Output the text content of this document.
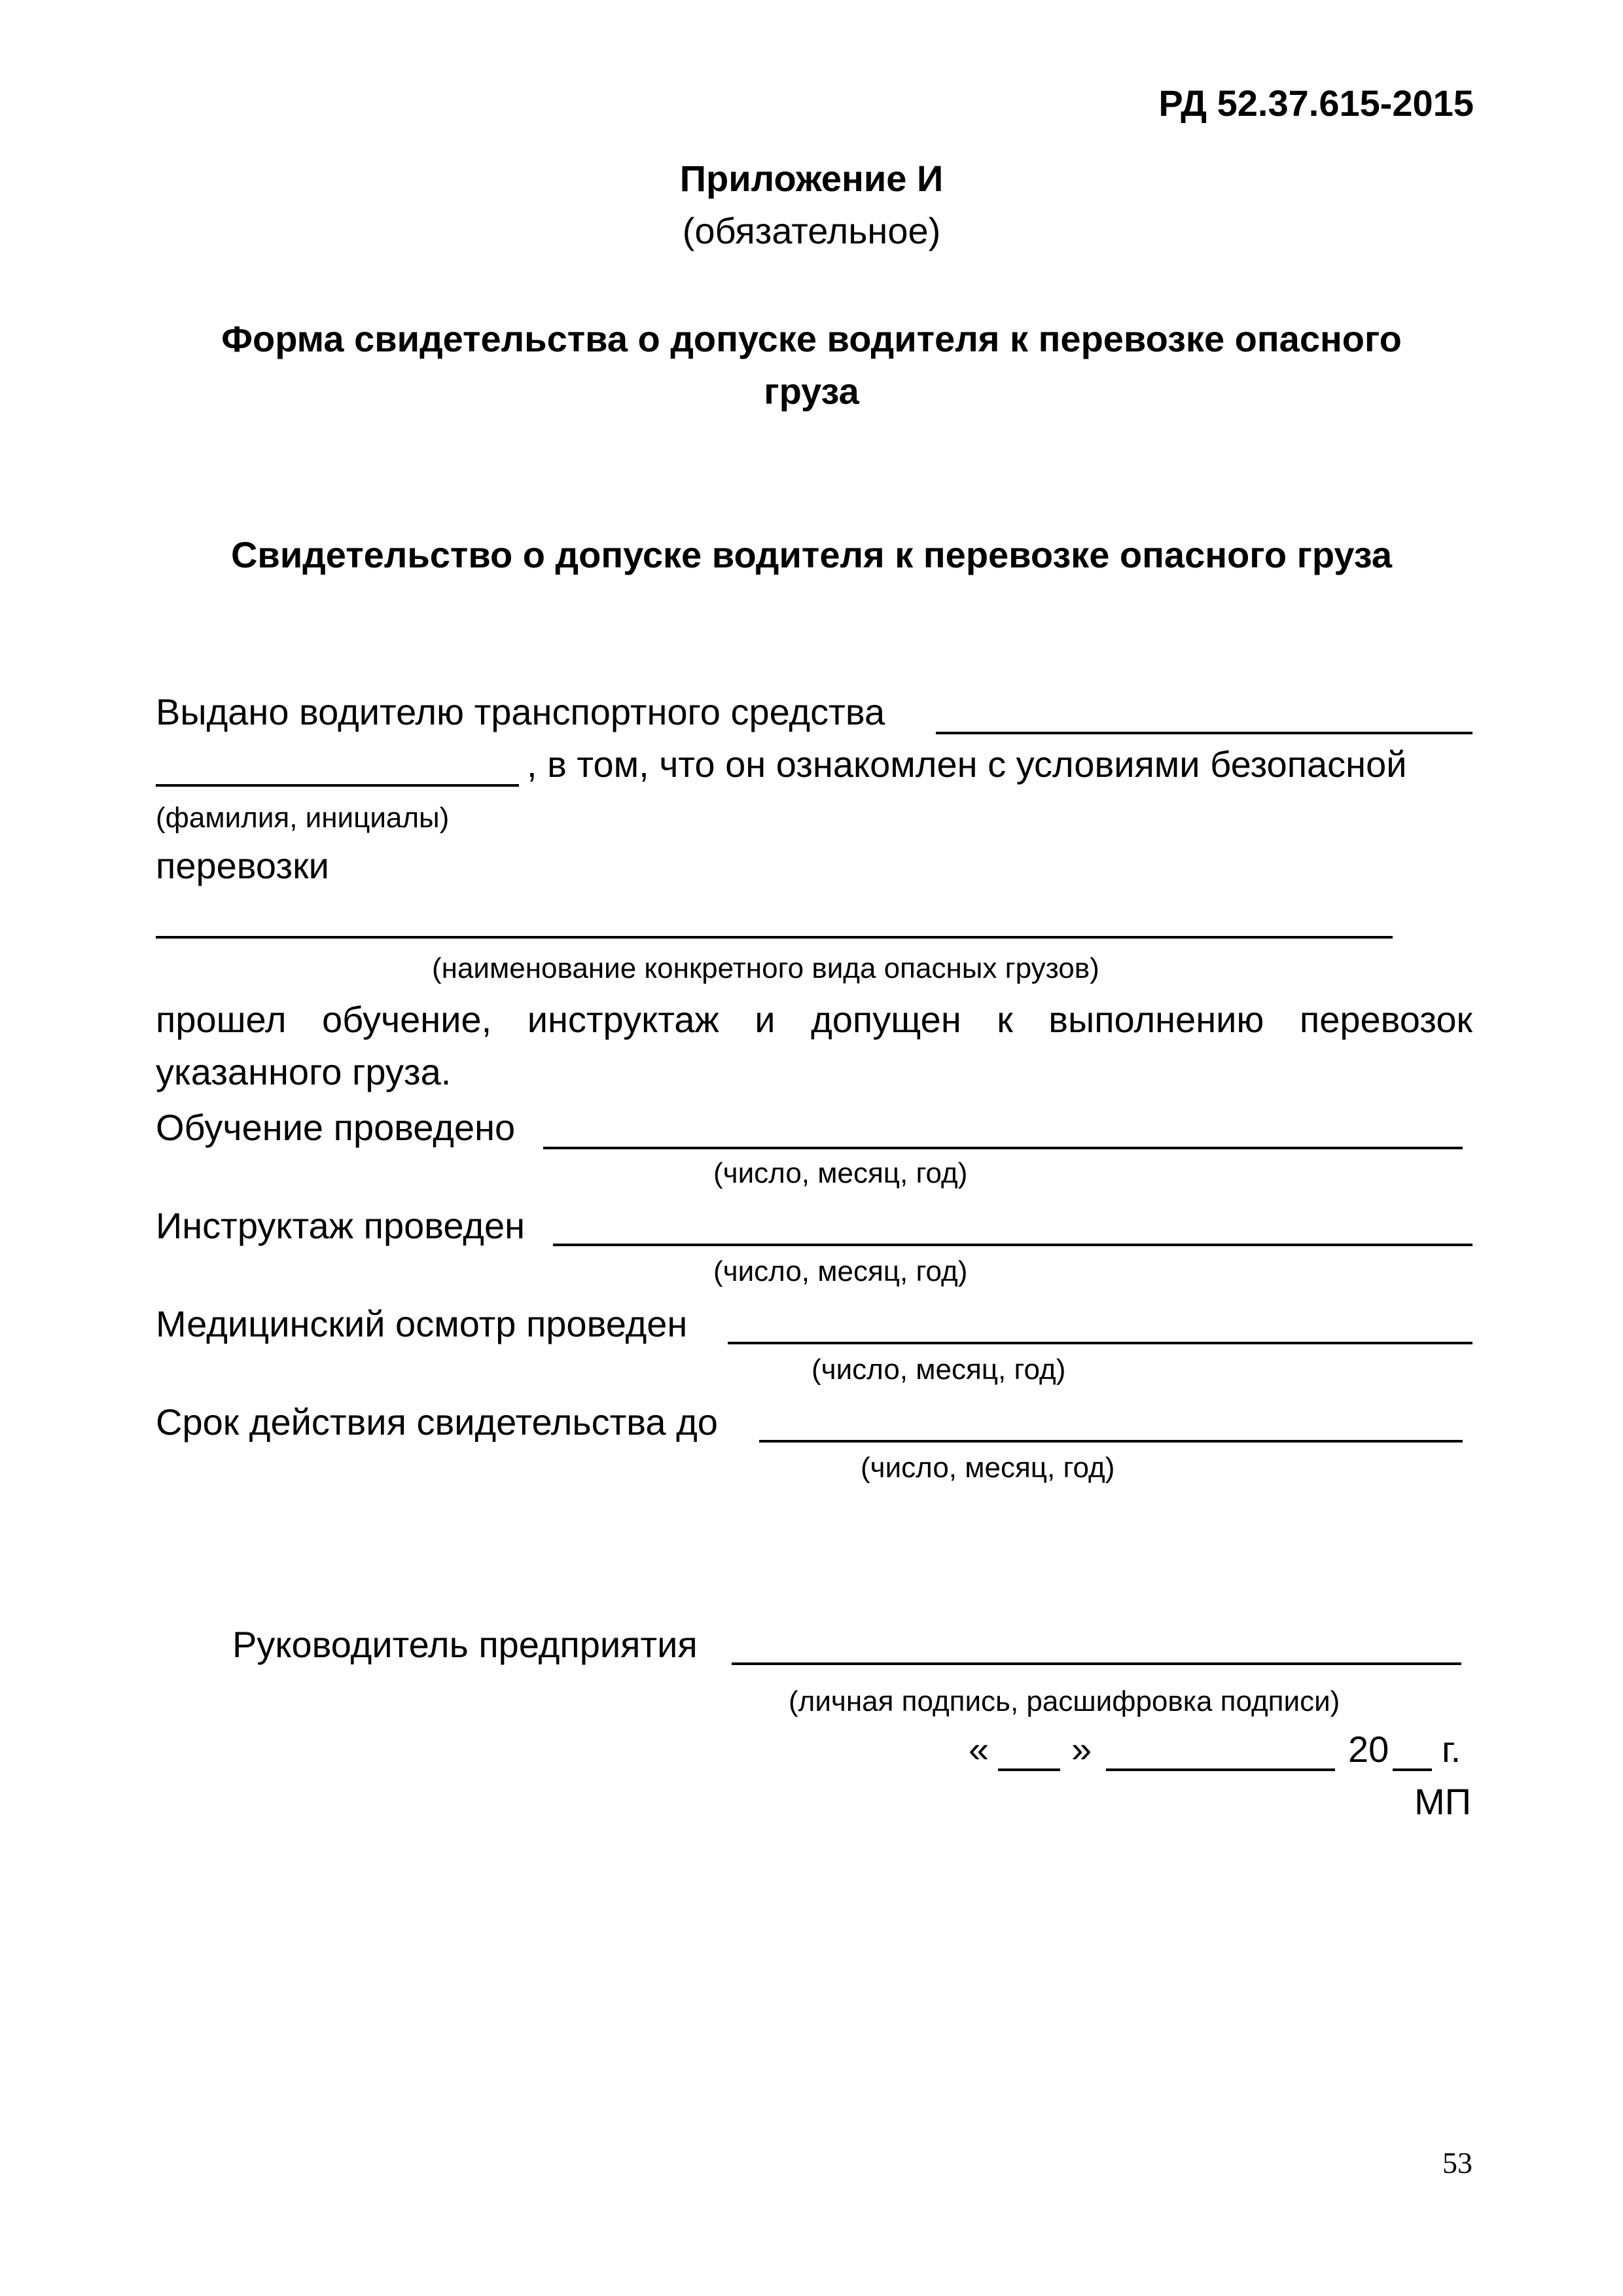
РД 52.37.615-2015
Приложение И
(обязательное)
Форма свидетельства о допуске водителя к перевозке опасного
груза
Свидетельство о допуске водителя к перевозке опасного груза
Выдано водителю транспортного средства
, в том, что он ознакомлен с условиями безопасной
(фамилия, инициалы)
перевозки
(наименование конкретного вида опасных грузов)
прошел обучение, инструктаж и допущен к выполнению перевозок
указанного груза.
Обучение проведено
(число, месяц, год)
Инструктаж проведен
(число, месяц, год)
Медицинский осмотр проведен
(число, месяц, год)
Срок действия свидетельства до
(число, месяц, год)
Руководитель предприятия
(личная подпись, расшифровка подписи)
« »	20 г.
МП
53
